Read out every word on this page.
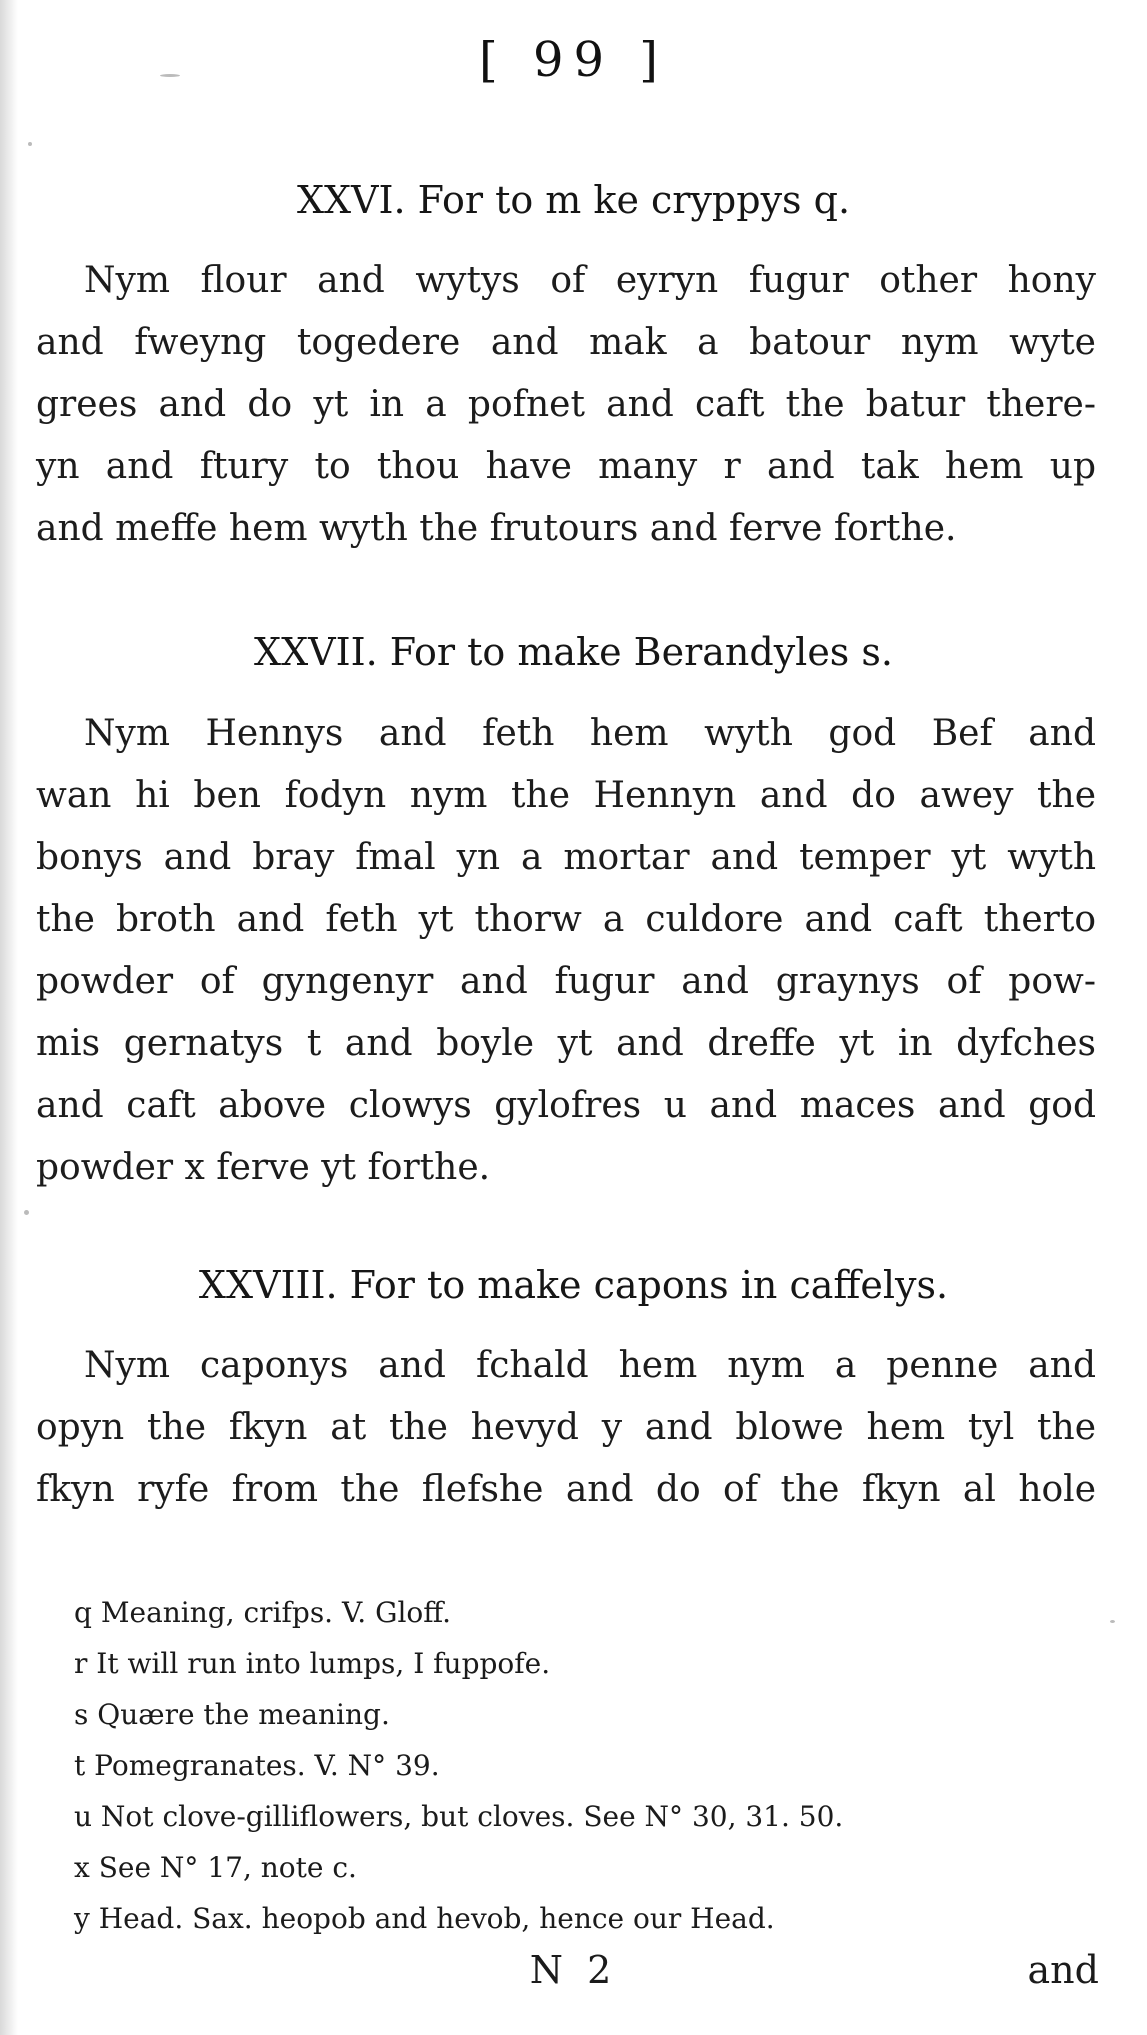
[ 99 ]
XXVI. For to m ke cryppys q.
Nym flour and wytys of eyryn fugur other hony
and fweyng togedere and mak a batour nym wyte
grees and do yt in a pofnet and caft the batur there-
yn and ftury to thou have many r and tak hem up
and meffe hem wyth the frutours and ferve forthe.
XXVII. For to make Berandyles s.
Nym Hennys and feth hem wyth god Bef and
wan hi ben fodyn nym the Hennyn and do awey the
bonys and bray fmal yn a mortar and temper yt wyth
the broth and feth yt thorw a culdore and caft therto
powder of gyngenyr and fugur and graynys of pow-
mis gernatys t and boyle yt and dreffe yt in dyfches
and caft above clowys gylofres u and maces and god
powder x ferve yt forthe.
XXVIII. For to make capons in caffelys.
Nym caponys and fchald hem nym a penne and
opyn the fkyn at the hevyd y and blowe hem tyl the
fkyn ryfe from the flefshe and do of the fkyn al hole
q Meaning, crifps. V. Gloff.
r It will run into lumps, I fuppofe.
s Quære the meaning.
t Pomegranates. V. N° 39.
u Not clove-gilliflowers, but cloves. See N° 30, 31. 50.
x See N° 17, note c.
y Head. Sax. heopob and hevob, hence our Head.
N 2	and
